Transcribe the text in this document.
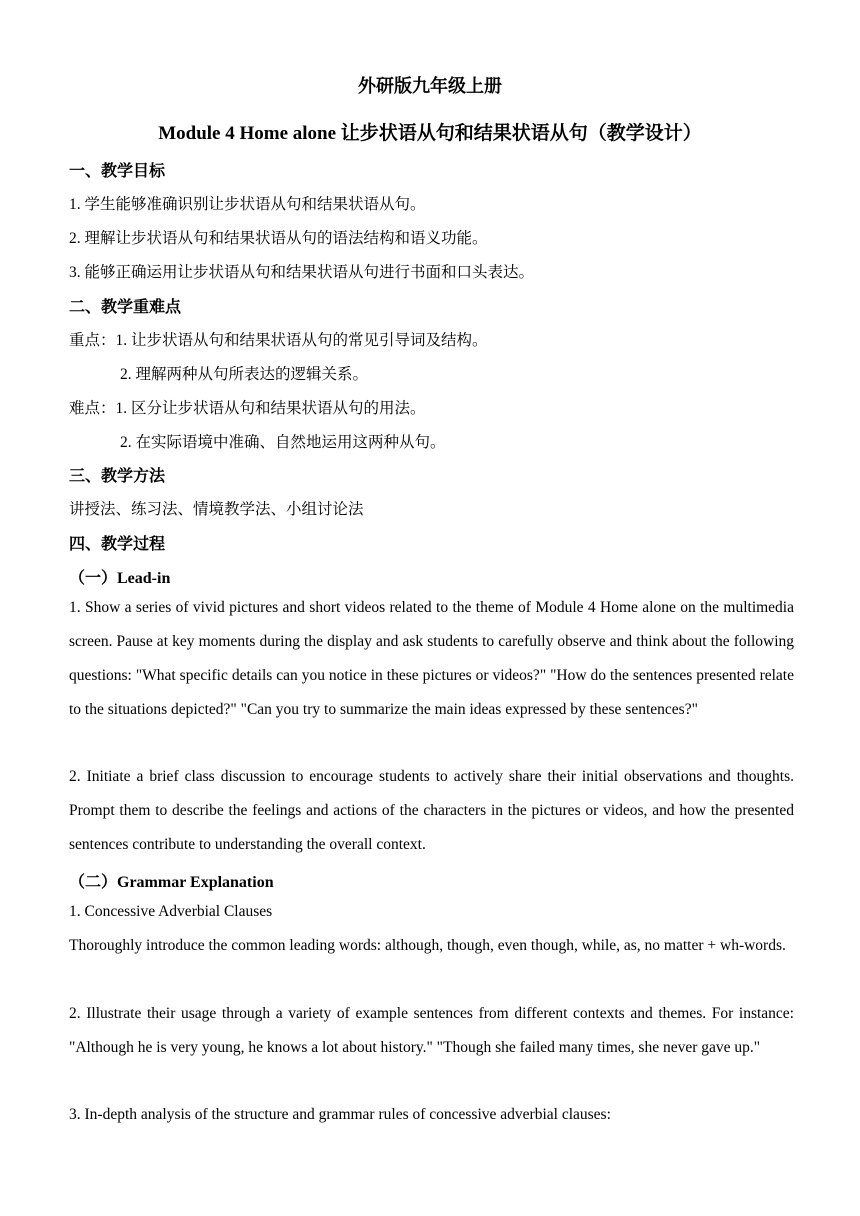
外研版九年级上册
Module 4 Home alone 让步状语从句和结果状语从句（教学设计）
一、教学目标
1. 学生能够准确识别让步状语从句和结果状语从句。
2. 理解让步状语从句和结果状语从句的语法结构和语义功能。
3. 能够正确运用让步状语从句和结果状语从句进行书面和口头表达。
二、教学重难点
重点：1. 让步状语从句和结果状语从句的常见引导词及结构。
2. 理解两种从句所表达的逻辑关系。
难点：1. 区分让步状语从句和结果状语从句的用法。
2. 在实际语境中准确、自然地运用这两种从句。
三、教学方法
讲授法、练习法、情境教学法、小组讨论法
四、教学过程
（一）Lead-in
1. Show a series of vivid pictures and short videos related to the theme of Module 4 Home alone on the multimedia screen. Pause at key moments during the display and ask students to carefully observe and think about the following questions: "What specific details can you notice in these pictures or videos?" "How do the sentences presented relate to the situations depicted?" "Can you try to summarize the main ideas expressed by these sentences?"
2. Initiate a brief class discussion to encourage students to actively share their initial observations and thoughts. Prompt them to describe the feelings and actions of the characters in the pictures or videos, and how the presented sentences contribute to understanding the overall context.
（二）Grammar Explanation
1. Concessive Adverbial Clauses
Thoroughly introduce the common leading words: although, though, even though, while, as, no matter + wh-words.
2. Illustrate their usage through a variety of example sentences from different contexts and themes. For instance: "Although he is very young, he knows a lot about history." "Though she failed many times, she never gave up."
3. In-depth analysis of the structure and grammar rules of concessive adverbial clauses:
